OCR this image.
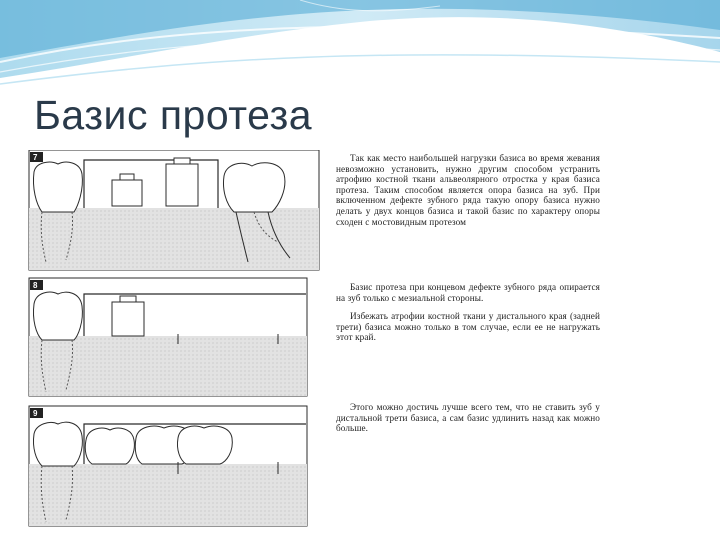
Базис протеза
7
8
9

Так как место наибольшей нагрузки базиса во время жевания невозможно установить, нужно другим способом устранить атрофию костной ткани альвеолярного отростка у края базиса протеза. Таким способом является опора базиса на зуб. При включенном дефекте зубного ряда такую опору базиса нужно делать у двух концов базиса и такой базис по характеру опоры сходен с мостовидным протезом

Базис протеза при концевом дефекте зубного ряда опирается на зуб только с мезиальной стороны.

Избежать атрофии костной ткани у дистального края (задней трети) базиса можно только в том случае, если ее не нагружать этот край.

Этого можно достичь лучше всего тем, что не ставить зуб у дистальной трети базиса, а сам базис удлинить назад как можно больше.
